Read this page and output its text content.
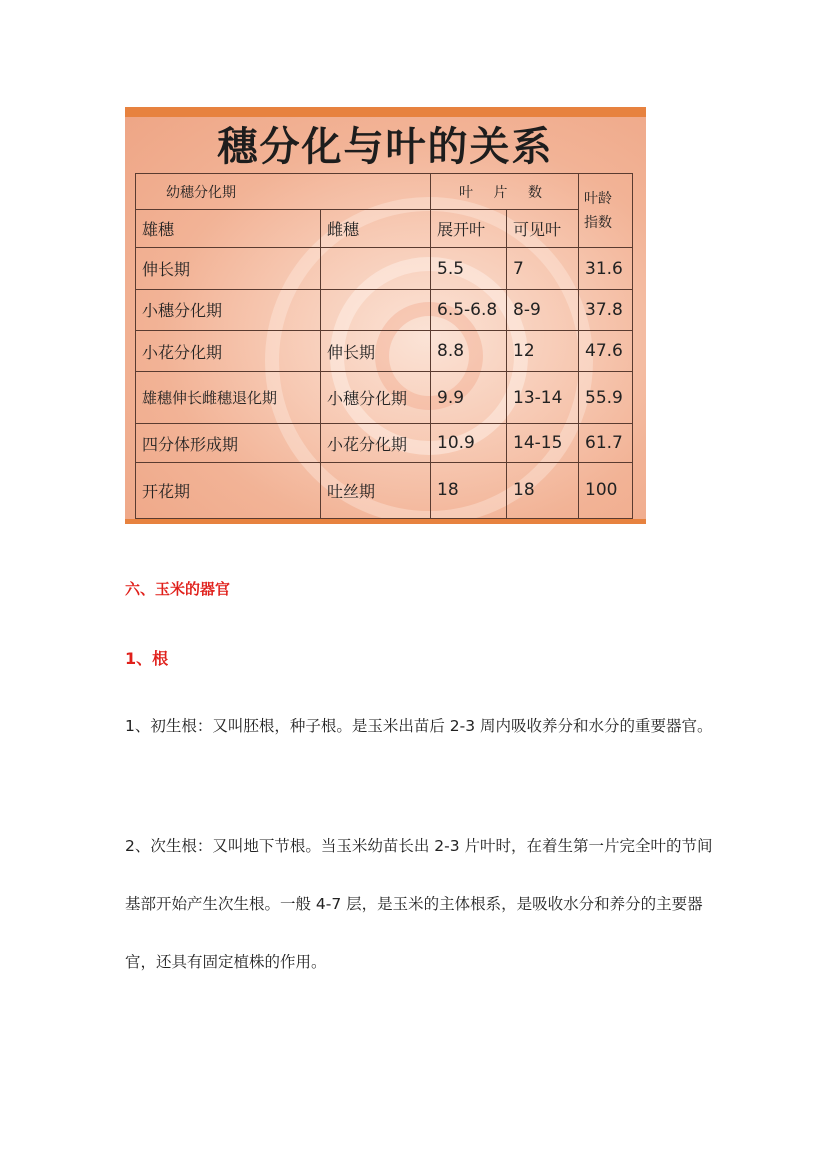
穗分化与叶的关系
幼穗分化期		叶 片 数		叶龄
指数
雄穗	雌穗	展开叶	可见叶	
伸长期		5.5	7	31.6
小穗分化期		6.5-6.8	8-9	37.8
小花分化期	伸长期	8.8	12	47.6
雄穗伸长雌穗退化期	小穗分化期	9.9	13-14	55.9
四分体形成期	小花分化期	10.9	14-15	61.7
开花期	吐丝期	18	18	100
六、玉米的器官
1、根
1、初生根：又叫胚根，种子根。是玉米出苗后 2-3 周内吸收养分和水分的重要器官。
2、次生根：又叫地下节根。当玉米幼苗长出 2-3 片叶时，在着生第一片完全叶的节间基部开始产生次生根。一般 4-7 层，是玉米的主体根系，是吸收水分和养分的主要器官，还具有固定植株的作用。
